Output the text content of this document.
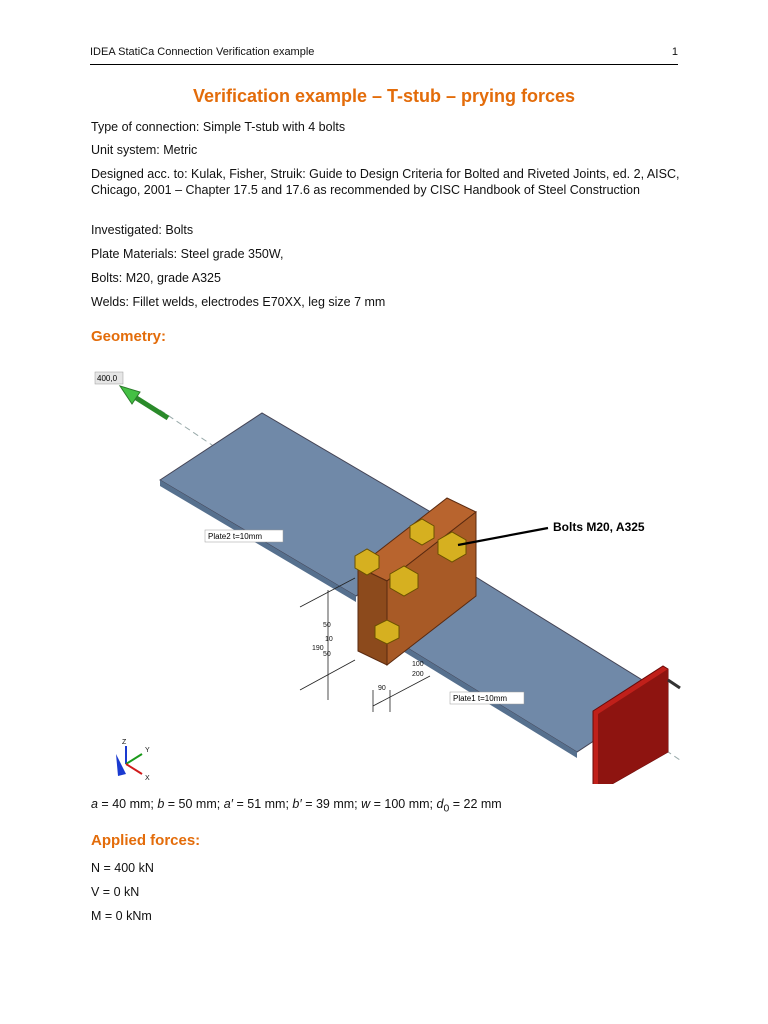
IDEA StatiCa Connection Verification example	1
Verification example – T-stub – prying forces
Type of connection: Simple T-stub with 4 bolts
Unit system: Metric
Designed acc. to: Kulak, Fisher, Struik: Guide to Design Criteria for Bolted and Riveted Joints, ed. 2, AISC, Chicago, 2001 – Chapter 17.5 and 17.6 as recommended by CISC Handbook of Steel Construction
Investigated: Bolts
Plate Materials: Steel grade 350W,
Bolts: M20, grade A325
Welds: Fillet welds, electrodes E70XX, leg size 7 mm
Geometry:
400,0
50
10
50
190
100
200
90
Plate2 t=10mm
Plate1 t=10mm
Bolts M20, A325
Z
Y
X
a = 40 mm; b = 50 mm; a′ = 51 mm; b′ = 39 mm; w = 100 mm; $d_0 = 22$ mm
Applied forces:
N = 400 kN
V = 0 kN
M = 0 kNm
